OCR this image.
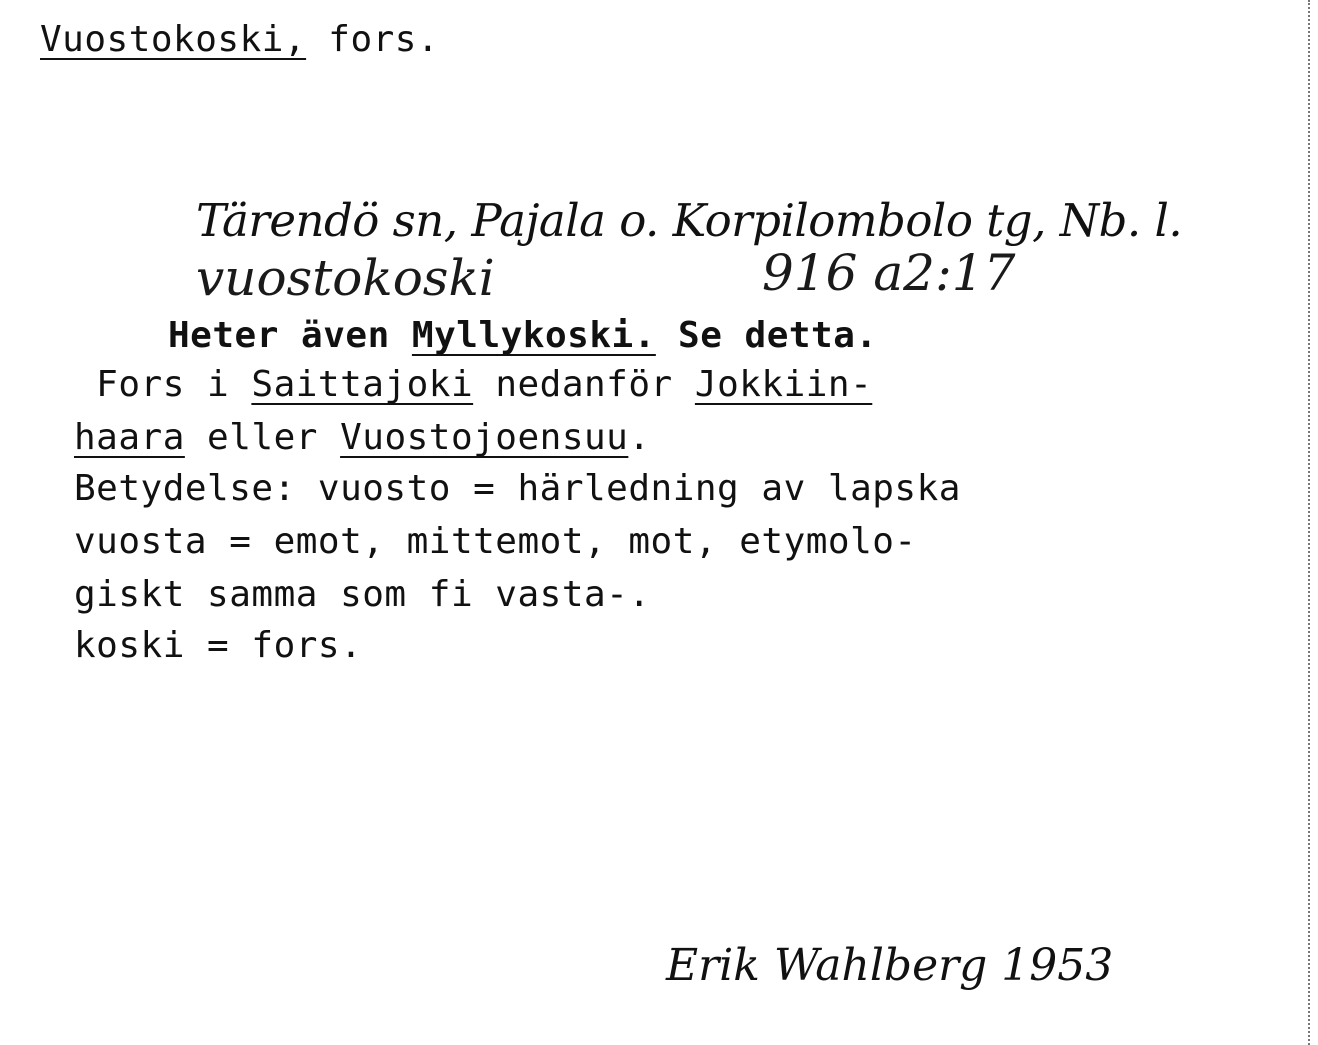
Vuostokoski, fors.
Tärendö sn, Pajala o. Korpilombolo tg, Nb. l.
vuostokoski	916 a2:17
Heter även Myllykoski. Se detta.
Fors i Saittajoki nedanför Jokkiin-
haara eller Vuostojoensuu.
Betydelse: vuosto = härledning av lapska
vuosta = emot, mittemot, mot, etymolo-
giskt samma som fi vasta-.
koski = fors.
Erik Wahlberg 1953
